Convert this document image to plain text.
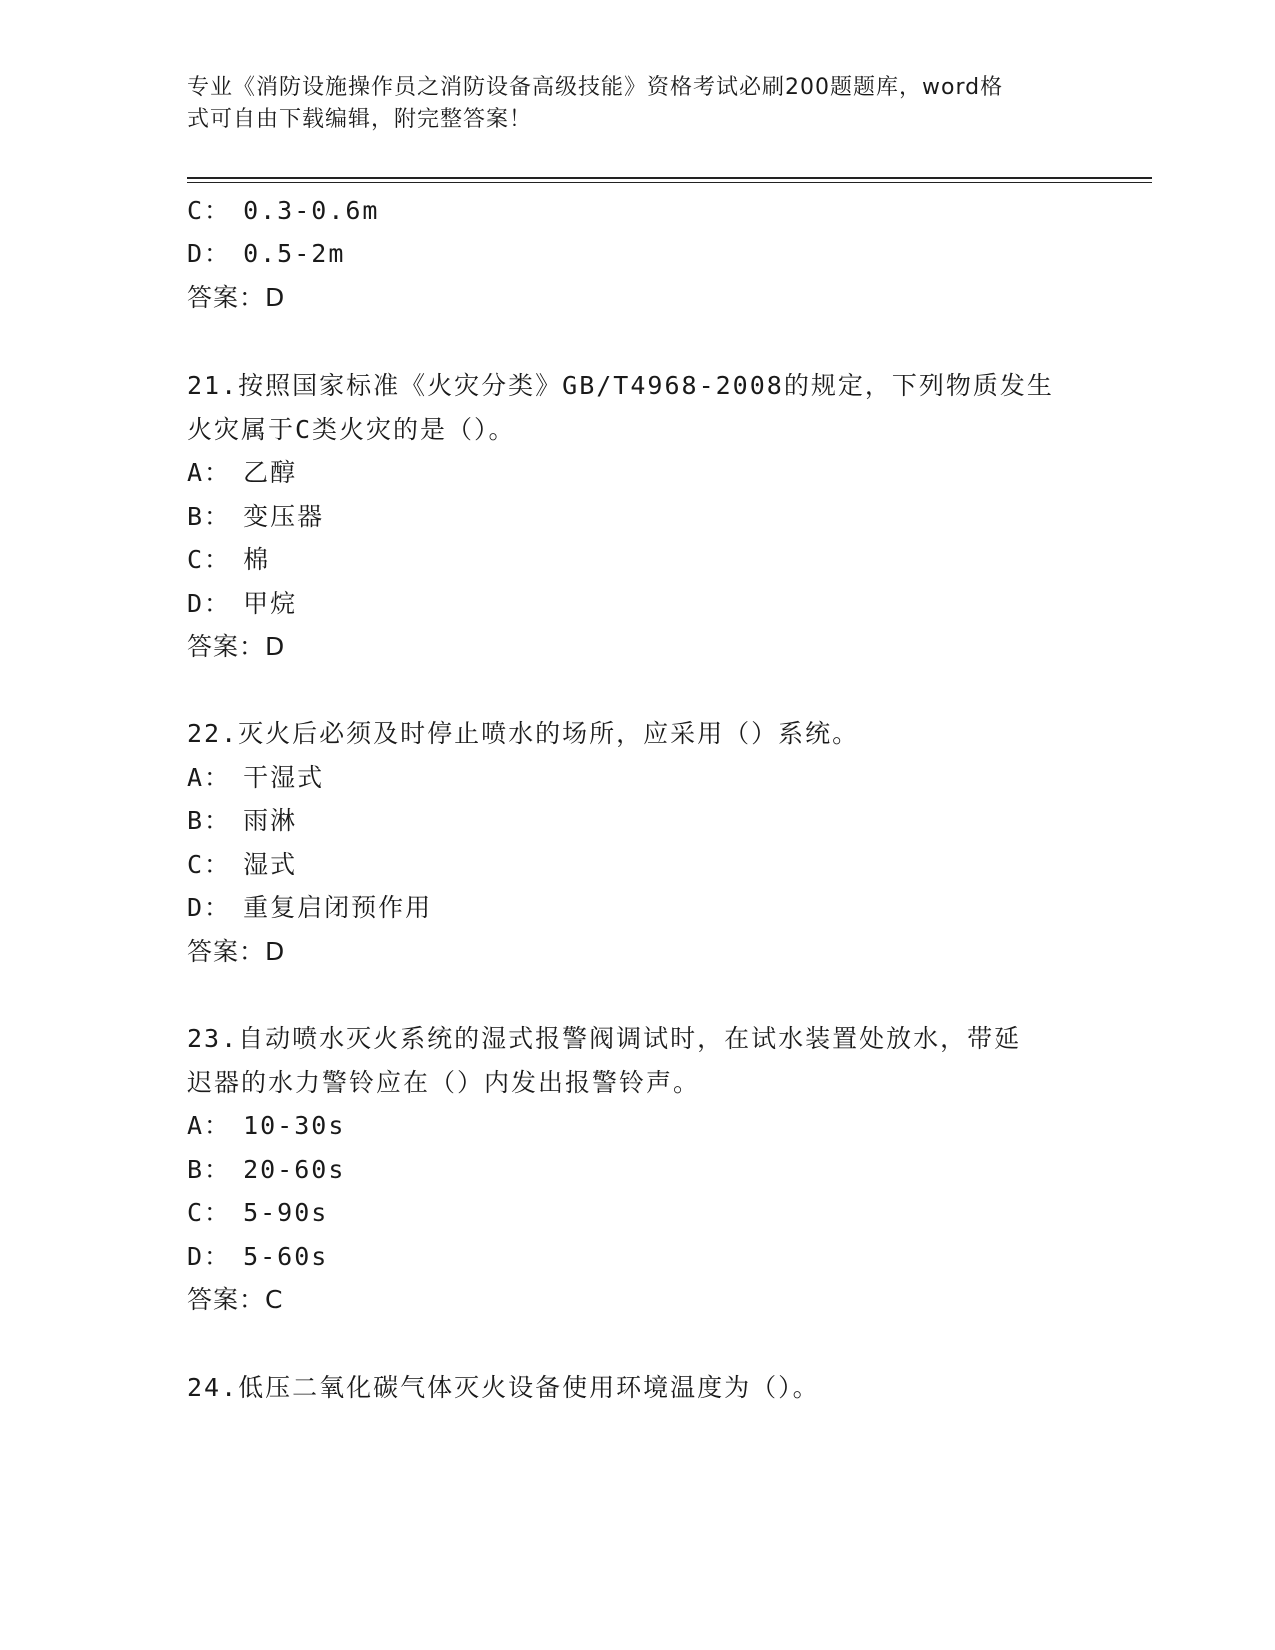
专业《消防设施操作员之消防设备高级技能》资格考试必刷200题题库，word格
式可自由下载编辑，附完整答案！
C： 0.3-0.6m
D： 0.5-2m
答案：D
21.按照国家标准《火灾分类》GB/T4968-2008的规定，下列物质发生
火灾属于C类火灾的是（）。
A： 乙醇
B： 变压器
C： 棉
D： 甲烷
答案：D
22.灭火后必须及时停止喷水的场所，应采用（）系统。
A： 干湿式
B： 雨淋
C： 湿式
D： 重复启闭预作用
答案：D
23.自动喷水灭火系统的湿式报警阀调试时，在试水装置处放水，带延
迟器的水力警铃应在（）内发出报警铃声。
A： 10-30s
B： 20-60s
C： 5-90s
D： 5-60s
答案：C
24.低压二氧化碳气体灭火设备使用环境温度为（）。
